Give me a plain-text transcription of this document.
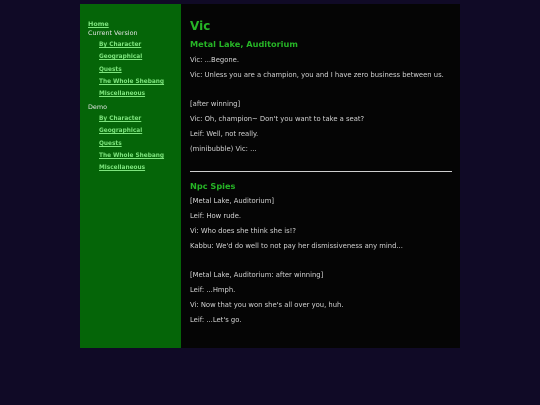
Home
Current Version
By Character
Geographical
Quests
The Whole Shebang
Miscellaneous
Demo
By Character
Geographical
Quests
The Whole Shebang
Miscellaneous
Vic
Metal Lake, Auditorium

Vic: ...Begone.

Vic: Unless you are a champion, you and I have zero business between us.

[after winning]

Vic: Oh, champion~ Don't you want to take a seat?

Leif: Well, not really.

(minibubble) Vic: ...

Npc Spies

[Metal Lake, Auditorium]

Leif: How rude.

Vi: Who does she think she is!?

Kabbu: We'd do well to not pay her dismissiveness any mind...

[Metal Lake, Auditorium: after winning]

Leif: ...Hmph.

Vi: Now that you won she's all over you, huh.

Leif: ...Let's go.
